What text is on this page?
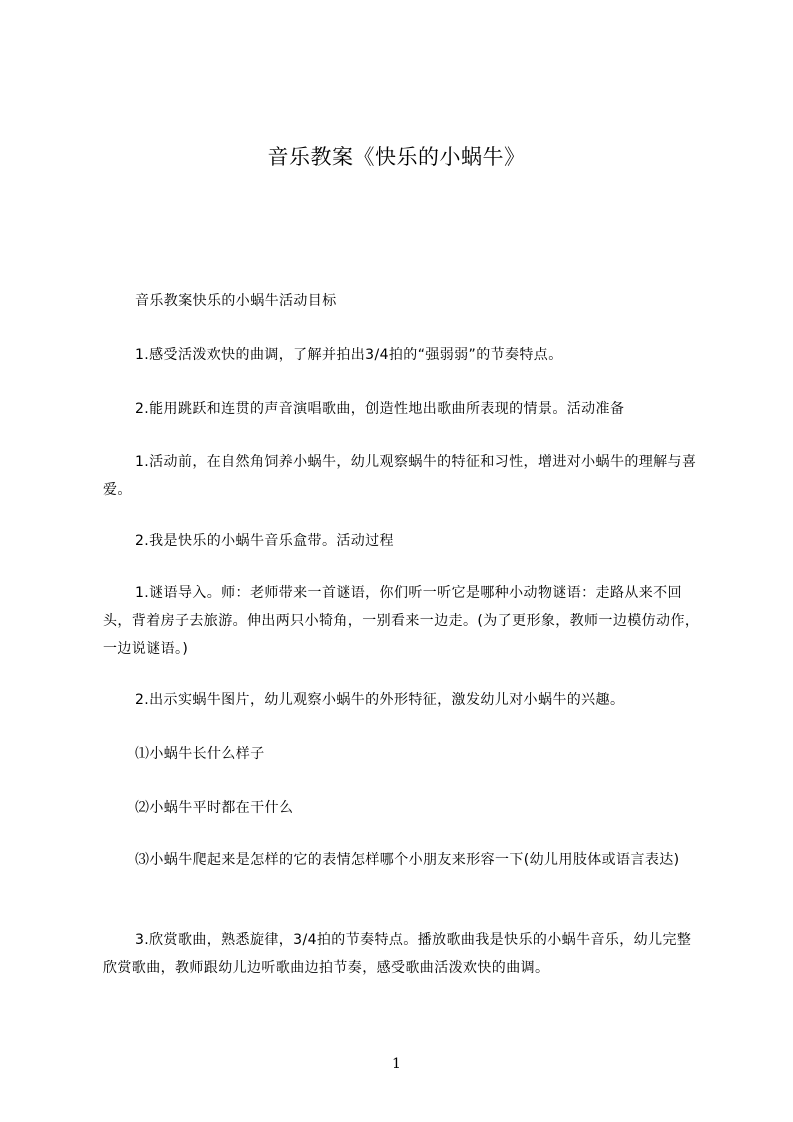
音乐教案《快乐的小蜗牛》
音乐教案快乐的小蜗牛活动目标
1.感受活泼欢快的曲调，了解并拍出3/4拍的“强弱弱”的节奏特点。
2.能用跳跃和连贯的声音演唱歌曲，创造性地出歌曲所表现的情景。活动准备
1.活动前，在自然角饲养小蜗牛，幼儿观察蜗牛的特征和习性，增进对小蜗牛的理解与喜爱。
2.我是快乐的小蜗牛音乐盒带。活动过程
1.谜语导入。师：老师带来一首谜语，你们听一听它是哪种小动物谜语：走路从来不回头，背着房子去旅游。伸出两只小犄角，一别看来一边走。(为了更形象，教师一边模仿动作，一边说谜语。)
2.出示实蜗牛图片，幼儿观察小蜗牛的外形特征，激发幼儿对小蜗牛的兴趣。
⑴小蜗牛长什么样子
⑵小蜗牛平时都在干什么
⑶小蜗牛爬起来是怎样的它的表情怎样哪个小朋友来形容一下(幼儿用肢体或语言表达)
3.欣赏歌曲，熟悉旋律，3/4拍的节奏特点。播放歌曲我是快乐的小蜗牛音乐，幼儿完整欣赏歌曲，教师跟幼儿边听歌曲边拍节奏，感受歌曲活泼欢快的曲调。
1
